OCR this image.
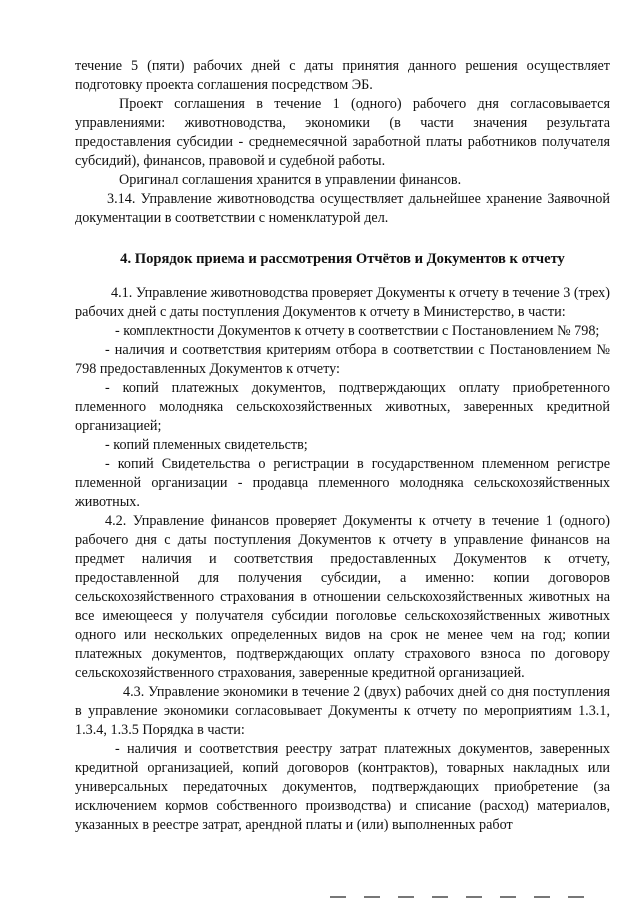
течение 5 (пяти) рабочих дней с даты принятия данного решения осуществляет подготовку проекта соглашения посредством ЭБ.

Проект соглашения в течение 1 (одного) рабочего дня согласовывается управлениями: животноводства, экономики (в части значения результата предоставления субсидии - среднемесячной заработной платы работников получателя субсидий), финансов, правовой и судебной работы.

Оригинал соглашения хранится в управлении финансов.

3.14. Управление животноводства осуществляет дальнейшее хранение Заявочной документации в соответствии с номенклатурой дел.

4. Порядок приема и рассмотрения Отчётов и Документов к отчету

4.1. Управление животноводства проверяет Документы к отчету в течение 3 (трех) рабочих дней с даты поступления Документов к отчету в Министерство, в части:

- комплектности Документов к отчету в соответствии с Постановлением № 798;

- наличия и соответствия критериям отбора в соответствии с Постановлением № 798 предоставленных Документов к отчету:

- копий платежных документов, подтверждающих оплату приобретенного племенного молодняка сельскохозяйственных животных, заверенных кредитной организацией;

- копий племенных свидетельств;

- копий Свидетельства о регистрации в государственном племенном регистре племенной организации - продавца племенного молодняка сельскохозяйственных животных.

4.2. Управление финансов проверяет Документы к отчету в течение 1 (одного) рабочего дня с даты поступления Документов к отчету в управление финансов на предмет наличия и соответствия предоставленных Документов к отчету, предоставленной для получения субсидии, а именно: копии договоров сельскохозяйственного страхования в отношении сельскохозяйственных животных на все имеющееся у получателя субсидии поголовье сельскохозяйственных животных одного или нескольких определенных видов на срок не менее чем на год; копии платежных документов, подтверждающих оплату страхового взноса по договору сельскохозяйственного страхования, заверенные кредитной организацией.

4.3. Управление экономики в течение 2 (двух) рабочих дней со дня поступления в управление экономики согласовывает Документы к отчету по мероприятиям 1.3.1, 1.3.4, 1.3.5 Порядка в части:

- наличия и соответствия реестру затрат платежных документов, заверенных кредитной организацией, копий договоров (контрактов), товарных накладных или универсальных передаточных документов, подтверждающих приобретение (за исключением кормов собственного производства) и списание (расход) материалов, указанных в реестре затрат, арендной платы и (или) выполненных работ
